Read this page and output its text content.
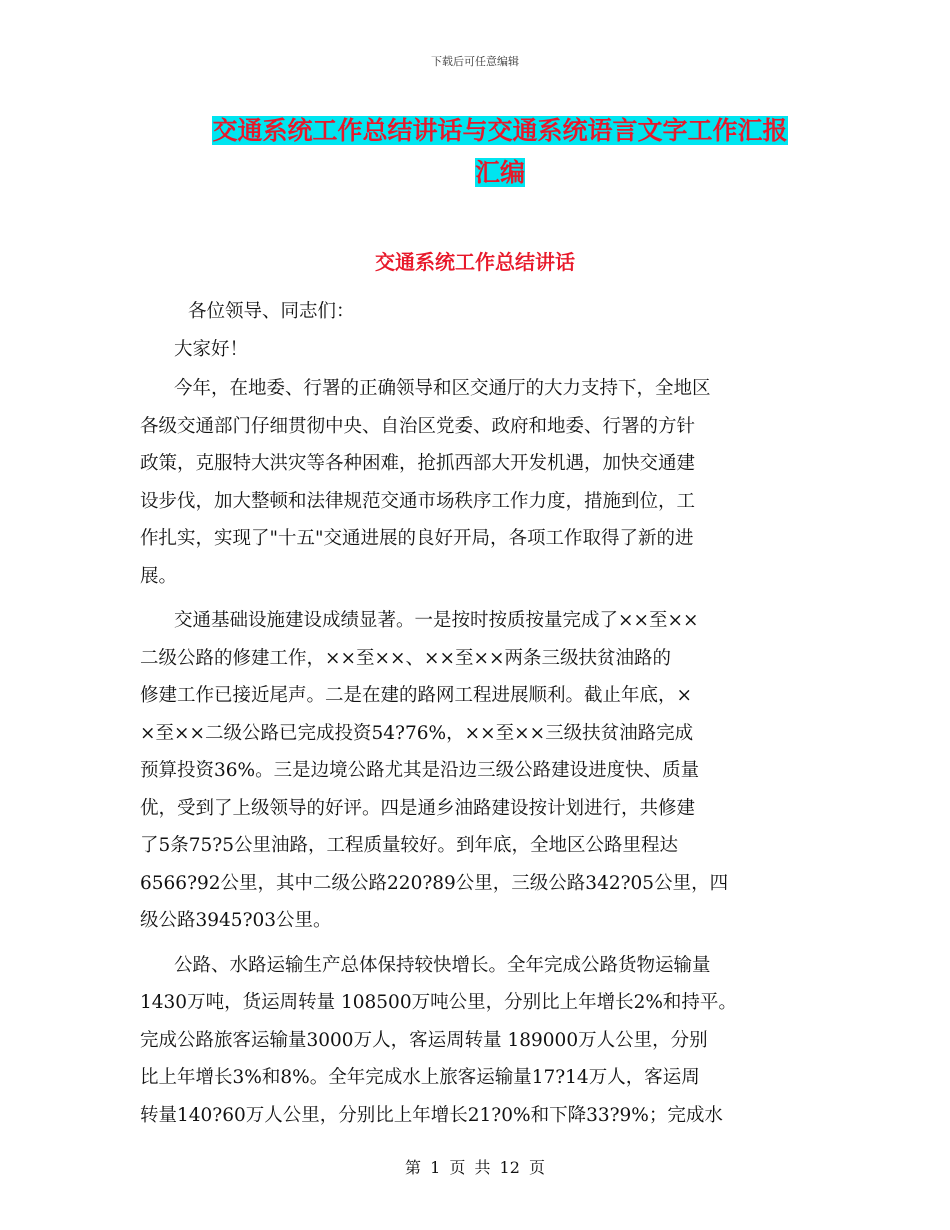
下载后可任意编辑
交通系统工作总结讲话与交通系统语言文字工作汇报
汇编
交通系统工作总结讲话
各位领导、同志们：
大家好！
今年，在地委、行署的正确领导和区交通厅的大力支持下，全地区
各级交通部门仔细贯彻中央、自治区党委、政府和地委、行署的方针
政策，克服特大洪灾等各种困难，抢抓西部大开发机遇，加快交通建
设步伐，加大整顿和法律规范交通市场秩序工作力度，措施到位，工
作扎实，实现了"十五"交通进展的良好开局，各项工作取得了新的进
展。
交通基础设施建设成绩显著。一是按时按质按量完成了××至××
二级公路的修建工作，××至××、××至××两条三级扶贫油路的
修建工作已接近尾声。二是在建的路网工程进展顺利。截止年底，×
×至××二级公路已完成投资54?76%，××至××三级扶贫油路完成
预算投资36%。三是边境公路尤其是沿边三级公路建设进度快、质量
优，受到了上级领导的好评。四是通乡油路建设按计划进行，共修建
了5条75?5公里油路，工程质量较好。到年底，全地区公路里程达
6566?92公里，其中二级公路220?89公里，三级公路342?05公里，四
级公路3945?03公里。
公路、水路运输生产总体保持较快增长。全年完成公路货物运输量
1430万吨，货运周转量 108500万吨公里，分别比上年增长2%和持平。
完成公路旅客运输量3000万人，客运周转量 189000万人公里，分别
比上年增长3%和8%。全年完成水上旅客运输量17?14万人，客运周
转量140?60万人公里，分别比上年增长21?0%和下降33?9%；完成水
第 1 页 共 12 页
